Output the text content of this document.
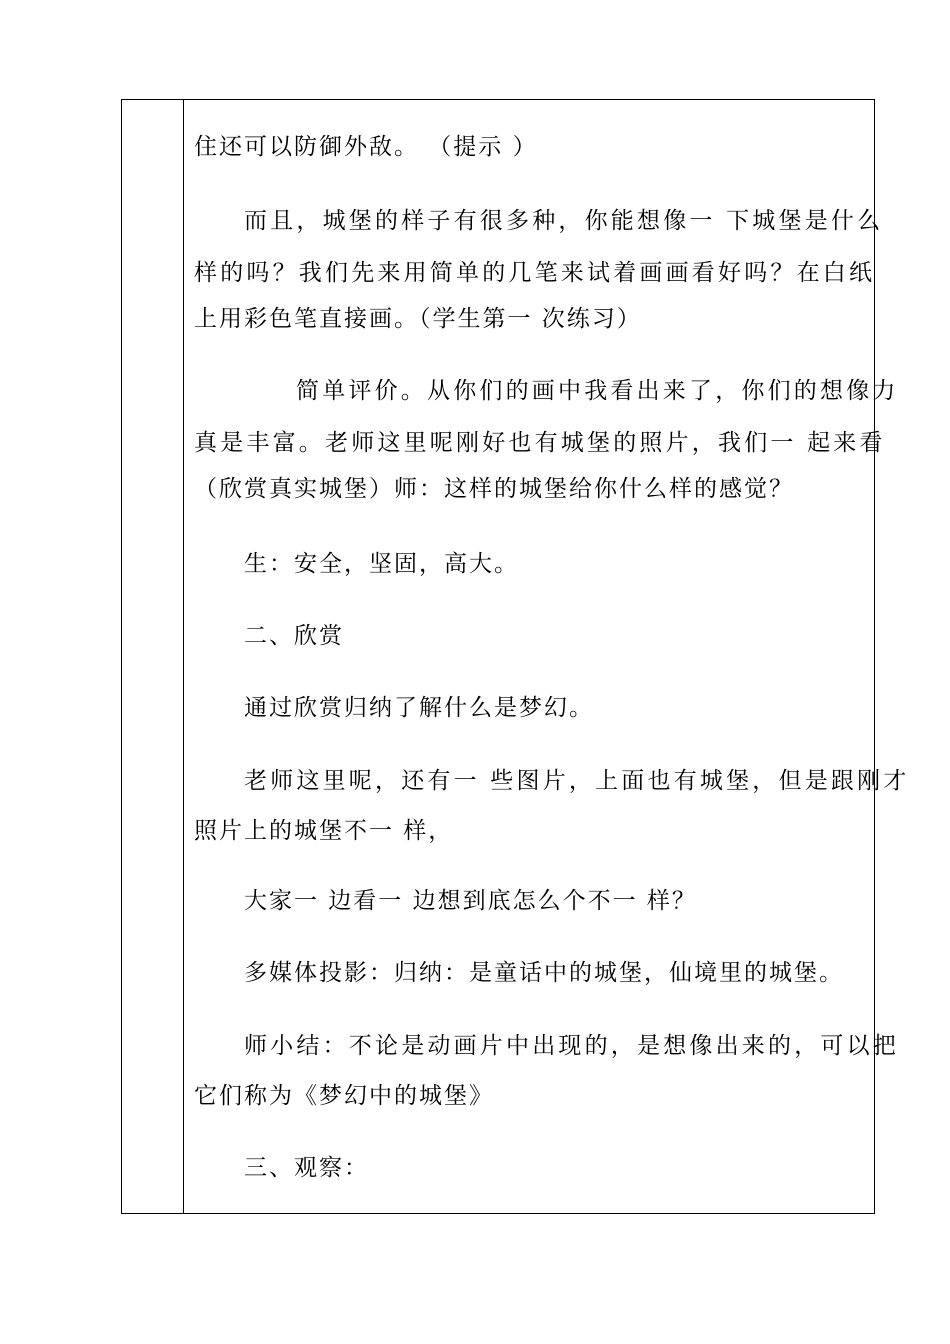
住还可以防御外敌。 （提示 ）
而且，城堡的样子有很多种，你能想像一 下城堡是什么
样的吗？我们先来用简单的几笔来试着画画看好吗？在白纸
上用彩色笔直接画。（学生第一 次练习）
简单评价。从你们的画中我看出来了，你们的想像力
真是丰富。老师这里呢刚好也有城堡的照片，我们一 起来看
（欣赏真实城堡）师：这样的城堡给你什么样的感觉？
生：安全，坚固，高大。
二、欣赏
通过欣赏归纳了解什么是梦幻。
老师这里呢，还有一 些图片，上面也有城堡，但是跟刚才
照片上的城堡不一 样，
大家一 边看一 边想到底怎么个不一 样？
多媒体投影：归纳：是童话中的城堡，仙境里的城堡。
师小结：不论是动画片中出现的，是想像出来的，可以把
它们称为《梦幻中的城堡》
三、观察：
